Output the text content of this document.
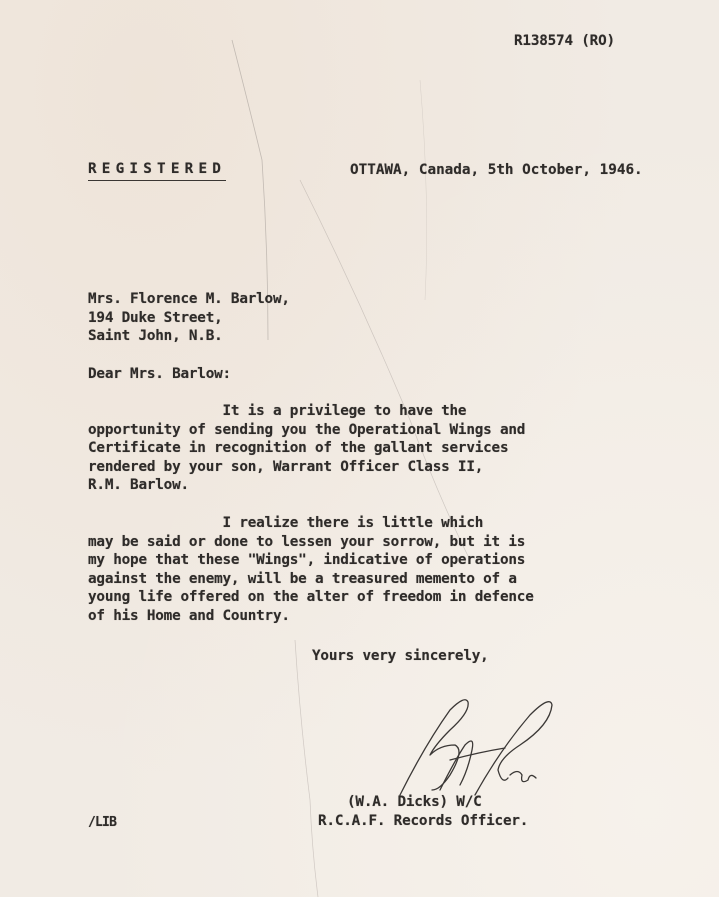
R138574 (RO)
REGISTERED	OTTAWA, Canada, 5th October, 1946.
Mrs. Florence M. Barlow,
194 Duke Street,
Saint John, N.B.
Dear Mrs. Barlow:
It is a privilege to have the
opportunity of sending you the Operational Wings and
Certificate in recognition of the gallant services
rendered by your son, Warrant Officer Class II,
R.M. Barlow.
I realize there is little which
may be said or done to lessen your sorrow, but it is
my hope that these "Wings", indicative of operations
against the enemy, will be a treasured memento of a
young life offered on the alter of freedom in defence
of his Home and Country.
Yours very sincerely,
(W.A. Dicks) W/C
R.C.A.F. Records Officer.
/LIB
